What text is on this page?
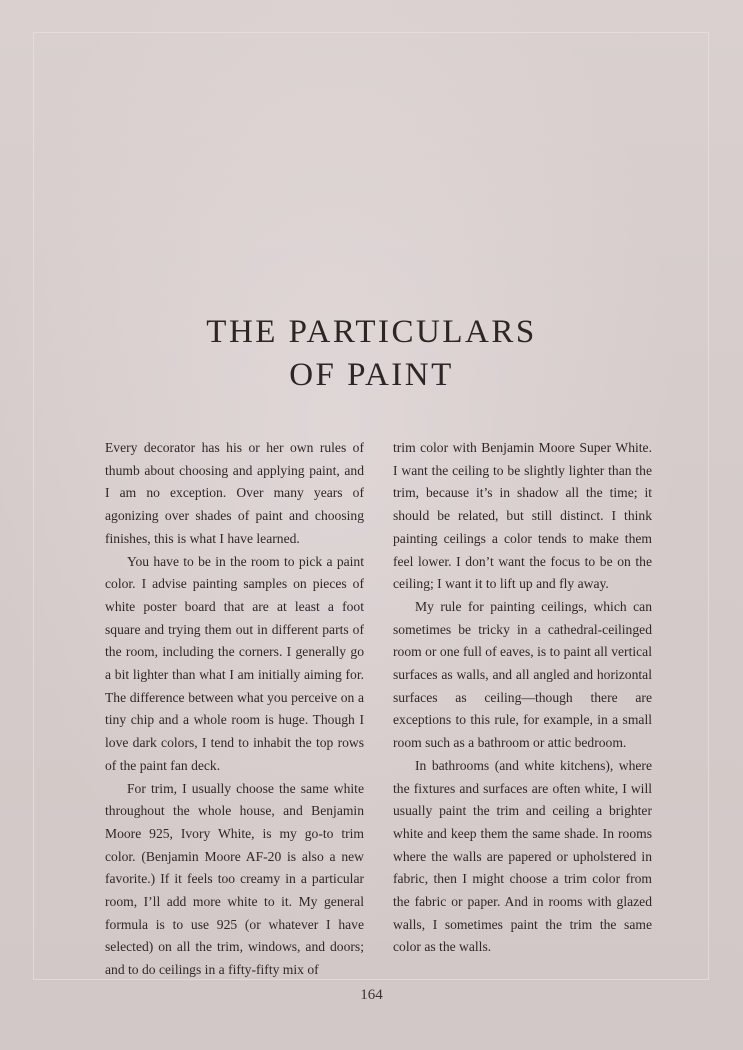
THE PARTICULARS
OF PAINT

Every decorator has his or her own rules of thumb about choosing and applying paint, and I am no exception. Over many years of agonizing over shades of paint and choosing finishes, this is what I have learned.

You have to be in the room to pick a paint color. I advise painting samples on pieces of white poster board that are at least a foot square and trying them out in different parts of the room, including the corners. I generally go a bit lighter than what I am initially aiming for. The difference between what you perceive on a tiny chip and a whole room is huge. Though I love dark colors, I tend to inhabit the top rows of the paint fan deck.

For trim, I usually choose the same white throughout the whole house, and Benjamin Moore 925, Ivory White, is my go-to trim color. (Benjamin Moore AF-20 is also a new favorite.) If it feels too creamy in a particular room, I’ll add more white to it. My general formula is to use 925 (or whatever I have selected) on all the trim, windows, and doors; and to do ceilings in a fifty-fifty mix of

trim color with Benjamin Moore Super White. I want the ceiling to be slightly lighter than the trim, because it’s in shadow all the time; it should be related, but still distinct. I think painting ceilings a color tends to make them feel lower. I don’t want the focus to be on the ceiling; I want it to lift up and fly away.

My rule for painting ceilings, which can sometimes be tricky in a cathedral-ceilinged room or one full of eaves, is to paint all vertical surfaces as walls, and all angled and horizontal surfaces as ceiling—though there are exceptions to this rule, for example, in a small room such as a bathroom or attic bedroom.

In bathrooms (and white kitchens), where the fixtures and surfaces are often white, I will usually paint the trim and ceiling a brighter white and keep them the same shade. In rooms where the walls are papered or upholstered in fabric, then I might choose a trim color from the fabric or paper. And in rooms with glazed walls, I sometimes paint the trim the same color as the walls.

164
